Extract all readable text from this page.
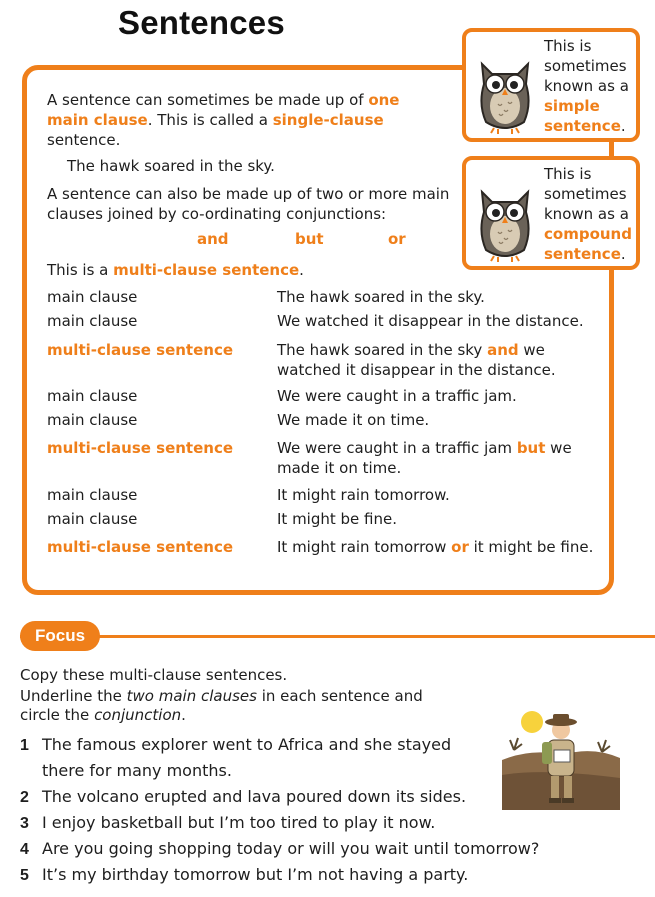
Sentences

A sentence can sometimes be made up of one main clause. This is called a single-clause sentence.

The hawk soared in the sky.

A sentence can also be made up of two or more main clauses joined by co-ordinating conjunctions:

and	but	or

This is a multi-clause sentence.

This is sometimes known as a simple sentence.
This is sometimes known as a compound sentence.
main clause	The hawk soared in the sky.
main clause	We watched it disappear in the distance.
multi-clause sentence	The hawk soared in the sky and we watched it disappear in the distance.
main clause	We were caught in a traffic jam.
main clause	We made it on time.
multi-clause sentence	We were caught in a traffic jam but we made it on time.
main clause	It might rain tomorrow.
main clause	It might be fine.
multi-clause sentence	It might rain tomorrow or it might be fine.
Focus
Copy these multi-clause sentences.
Underline the two main clauses in each sentence and
circle the conjunction.
1 The famous explorer went to Africa and she stayed
there for many months.
2 The volcano erupted and lava poured down its sides.
3 I enjoy basketball but I’m too tired to play it now.
4 Are you going shopping today or will you wait until tomorrow?
5 It’s my birthday tomorrow but I’m not having a party.
